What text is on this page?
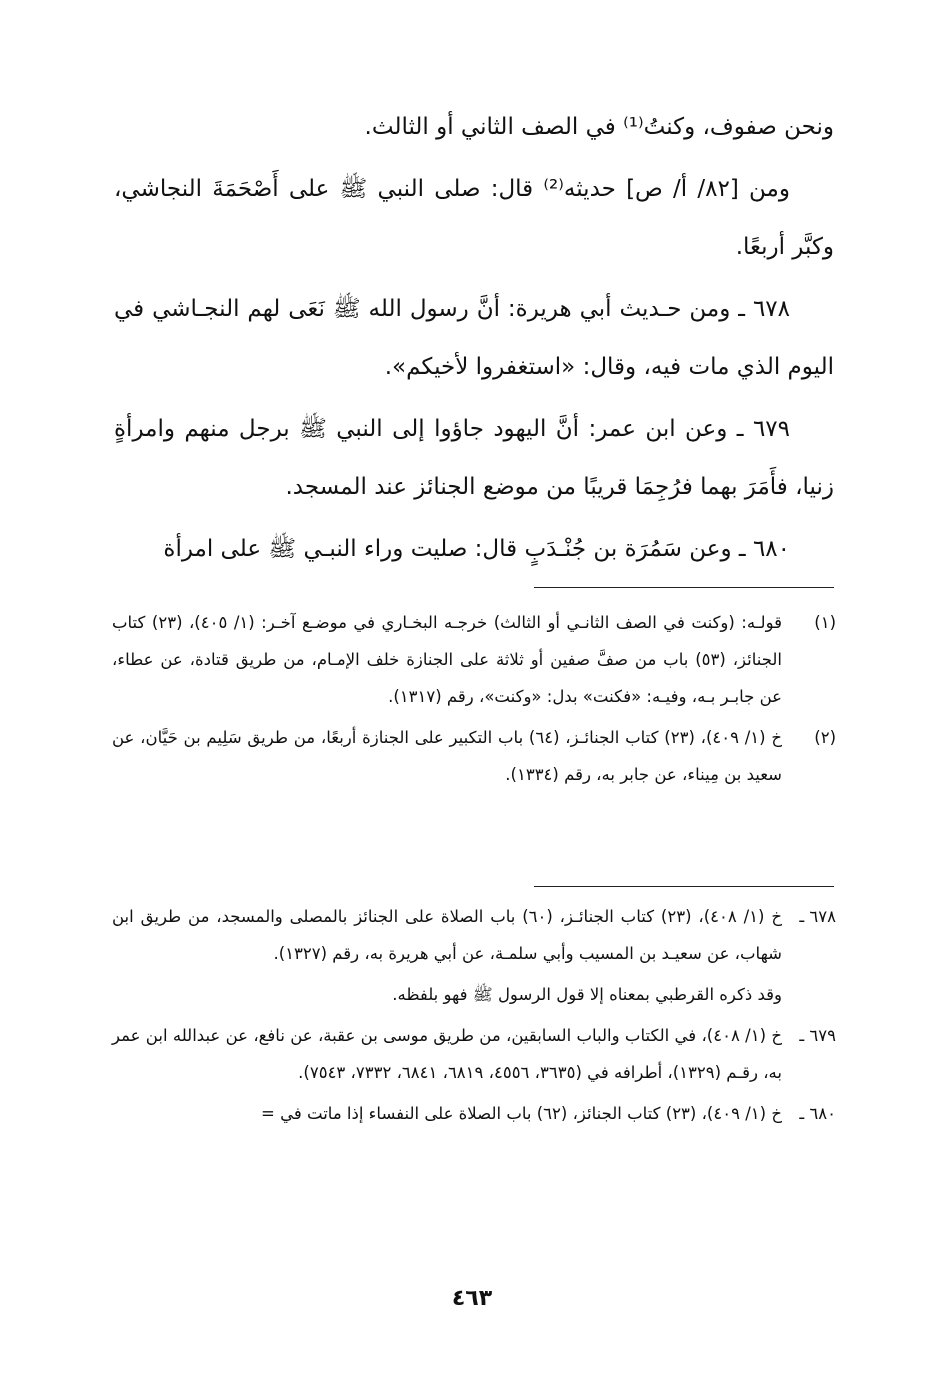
ونحن صفوف، وكنتُ⁽¹⁾ في الصف الثاني أو الثالث.

ومن [٨٢/ أ/ ص] حديثه⁽²⁾ قال: صلى النبي ﷺ على أَصْحَمَةَ النجاشي، وكبَّر أربعًا.

٦٧٨ ـ ومن حـديث أبي هريرة: أنَّ رسول الله ﷺ نَعَى لهم النجـاشي في اليوم الذي مات فيه، وقال: «استغفروا لأخيكم».

٦٧٩ ـ وعن ابن عمر: أنَّ اليهود جاؤوا إلى النبي ﷺ برجل منهم وامرأةٍ زنيا، فأَمَرَ بهما فرُجِمَا قريبًا من موضع الجنائز عند المسجد.

٦٨٠ ـ وعن سَمُرَة بن جُنْـدَبٍ قال: صليت وراء النبـي ﷺ على امرأة

(١)
قولـه: (وكنت في الصف الثانـي أو الثالث) خرجـه البخـاري في موضـع آخـر: (١/ ٤٠٥)، (٢٣) كتاب الجنائز، (٥٣) باب من صفَّ صفين أو ثلاثة على الجنازة خلف الإمـام، من طريق قتادة، عن عطاء، عن جابـر بـه، وفيـه: «فكنت» بدل: «وكنت»، رقم (١٣١٧).
(٢)
خ (١/ ٤٠٩)، (٢٣) كتاب الجنائـز، (٦٤) باب التكبير على الجنازة أربعًا، من طريق سَلِيم بن حَيَّان، عن سعيد بن مِيناء، عن جابر به، رقم (١٣٣٤).
٦٧٨ ـ
خ (١/ ٤٠٨)، (٢٣) كتاب الجنائـز، (٦٠) باب الصلاة على الجنائز بالمصلى والمسجد، من طريق ابن شهاب، عن سعيـد بن المسيب وأبي سلمـة، عن أبي هريرة به، رقم (١٣٢٧).
وقد ذكره القرطبي بمعناه إلا قول الرسول ﷺ فهو بلفظه.
٦٧٩ ـ
خ (١/ ٤٠٨)، في الكتاب والباب السابقين، من طريق موسى بن عقبة، عن نافع، عن عبدالله ابن عمر به، رقـم (١٣٢٩)، أطرافه في (٣٦٣٥، ٤٥٥٦، ٦٨١٩، ٦٨٤١، ٧٣٣٢، ٧٥٤٣).
٦٨٠ ـ
خ (١/ ٤٠٩)، (٢٣) كتاب الجنائز، (٦٢) باب الصلاة على النفساء إذا ماتت في =
٤٦٣
